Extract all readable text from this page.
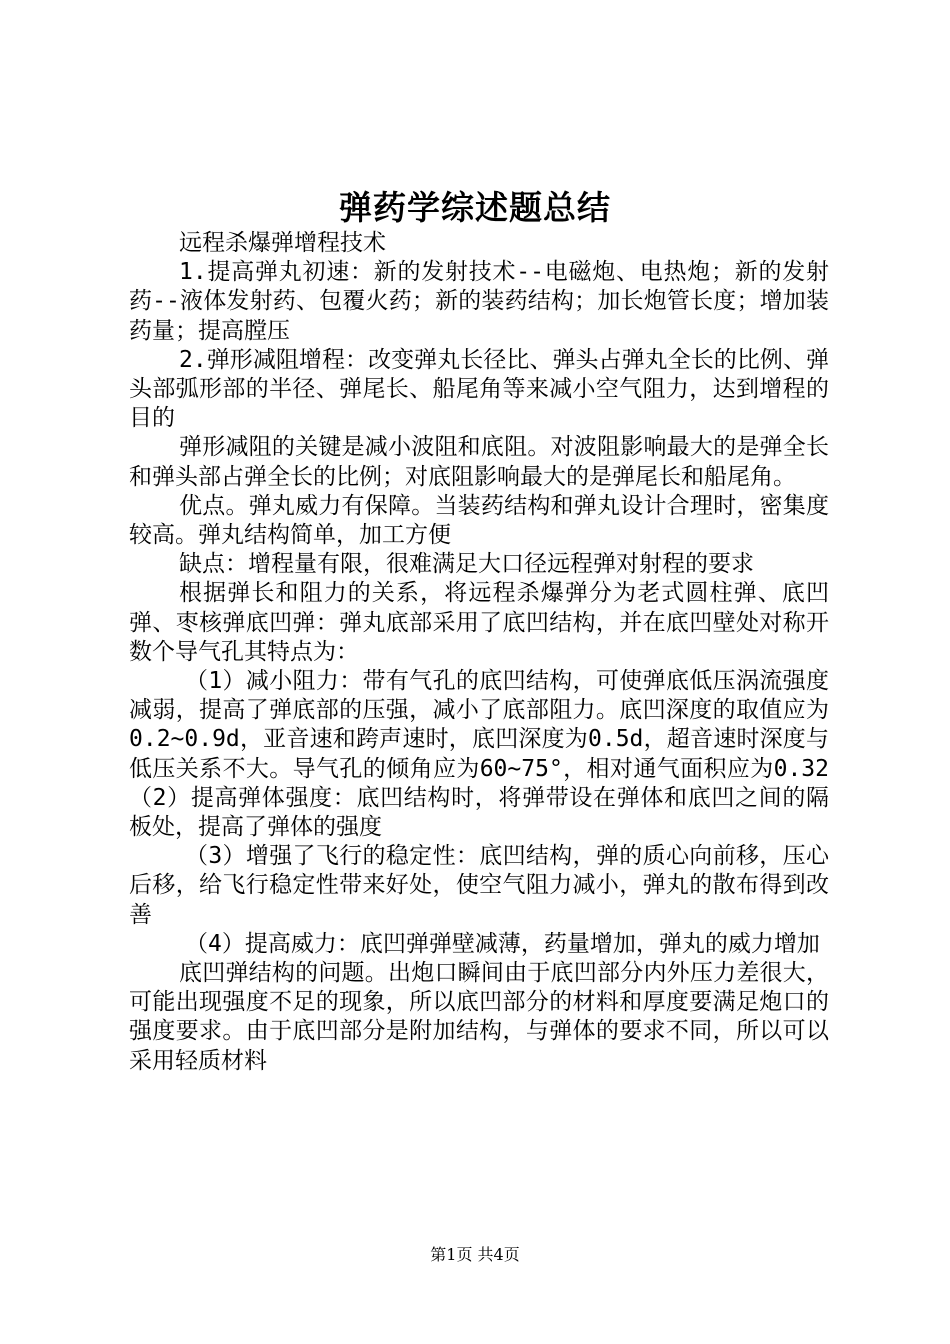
弹药学综述题总结

远程杀爆弹增程技术

1.提高弹丸初速：新的发射技术--电磁炮、电热炮；新的发射药--液体发射药、包覆火药；新的装药结构；加长炮管长度；增加装药量；提高膛压

2.弹形减阻增程：改变弹丸长径比、弹头占弹丸全长的比例、弹头部弧形部的半径、弹尾长、船尾角等来减小空气阻力，达到增程的目的

弹形减阻的关键是减小波阻和底阻。对波阻影响最大的是弹全长和弹头部占弹全长的比例；对底阻影响最大的是弹尾长和船尾角。

优点。弹丸威力有保障。当装药结构和弹丸设计合理时，密集度较高。弹丸结构简单，加工方便

缺点：增程量有限，很难满足大口径远程弹对射程的要求

根据弹长和阻力的关系，将远程杀爆弹分为老式圆柱弹、底凹弹、枣核弹底凹弹：弹丸底部采用了底凹结构，并在底凹壁处对称开数个导气孔其特点为：

（1）减小阻力：带有气孔的底凹结构，可使弹底低压涡流强度减弱，提高了弹底部的压强，减小了底部阻力。底凹深度的取值应为0.2~0.9d，亚音速和跨声速时，底凹深度为0.5d，超音速时深度与低压关系不大。导气孔的倾角应为60~75°，相对通气面积应为0.32（2）提高弹体强度：底凹结构时，将弹带设在弹体和底凹之间的隔板处，提高了弹体的强度

（3）增强了飞行的稳定性：底凹结构，弹的质心向前移，压心后移，给飞行稳定性带来好处，使空气阻力减小，弹丸的散布得到改善

（4）提高威力：底凹弹弹壁减薄，药量增加，弹丸的威力增加

底凹弹结构的问题。出炮口瞬间由于底凹部分内外压力差很大，可能出现强度不足的现象，所以底凹部分的材料和厚度要满足炮口的强度要求。由于底凹部分是附加结构，与弹体的要求不同，所以可以采用轻质材料

第1页 共4页
